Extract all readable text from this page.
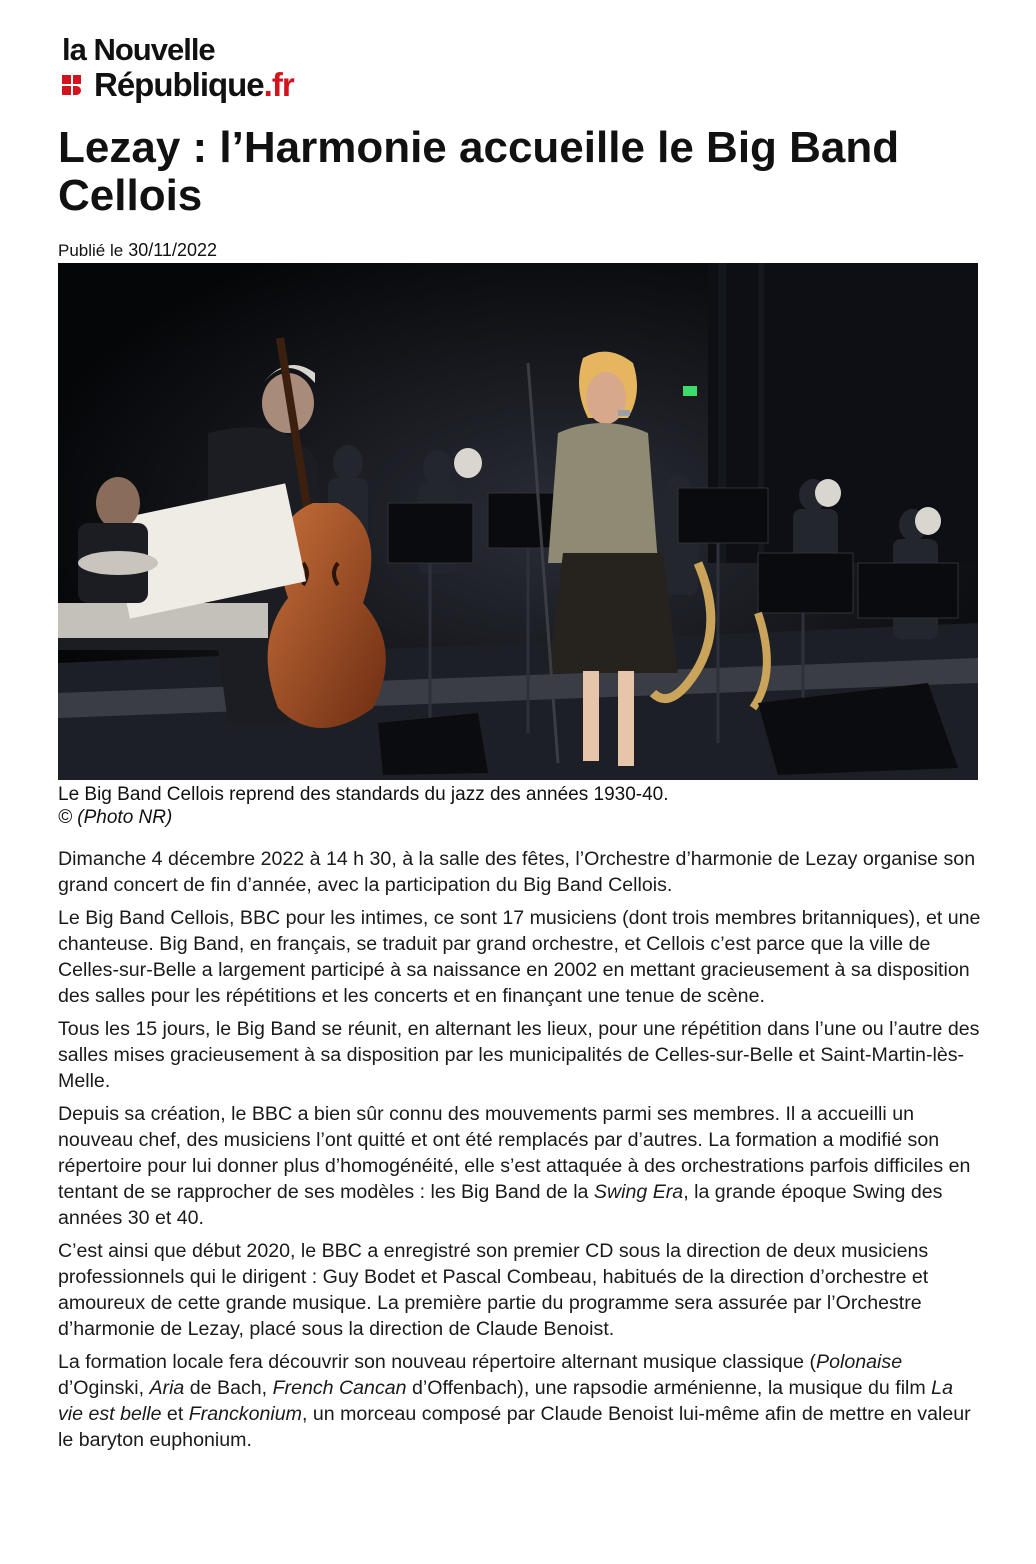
la Nouvelle
République.fr
Lezay : l’Harmonie accueille le Big Band Cellois
Publié le 30/11/2022
Le Big Band Cellois reprend des standards du jazz des années 1930-40.
© (Photo NR)

Dimanche 4 décembre 2022 à 14 h 30, à la salle des fêtes, l’Orchestre d’harmonie de Lezay organise son grand concert de fin d’année, avec la participation du Big Band Cellois.

Le Big Band Cellois, BBC pour les intimes, ce sont 17 musiciens (dont trois membres britanniques), et une chanteuse. Big Band, en français, se traduit par grand orchestre, et Cellois c’est parce que la ville de Celles-sur-Belle a largement participé à sa naissance en 2002 en mettant gracieusement à sa disposition des salles pour les répétitions et les concerts et en finançant une tenue de scène.

Tous les 15 jours, le Big Band se réunit, en alternant les lieux, pour une répétition dans l’une ou l’autre des salles mises gracieusement à sa disposition par les municipalités de Celles-sur-Belle et Saint-Martin-lès-Melle.

Depuis sa création, le BBC a bien sûr connu des mouvements parmi ses membres. Il a accueilli un nouveau chef, des musiciens l’ont quitté et ont été remplacés par d’autres. La formation a modifié son répertoire pour lui donner plus d’homogénéité, elle s’est attaquée à des orchestrations parfois difficiles en tentant de se rapprocher de ses modèles : les Big Band de la Swing Era, la grande époque Swing des années 30 et 40.

C’est ainsi que début 2020, le BBC a enregistré son premier CD sous la direction de deux musiciens professionnels qui le dirigent : Guy Bodet et Pascal Combeau, habitués de la direction d’orchestre et amoureux de cette grande musique. La première partie du programme sera assurée par l’Orchestre d’harmonie de Lezay, placé sous la direction de Claude Benoist.

La formation locale fera découvrir son nouveau répertoire alternant musique classique (Polonaise d’Oginski, Aria de Bach, French Cancan d’Offenbach), une rapsodie arménienne, la musique du film La vie est belle et Franckonium, un morceau composé par Claude Benoist lui-même afin de mettre en valeur le baryton euphonium.
